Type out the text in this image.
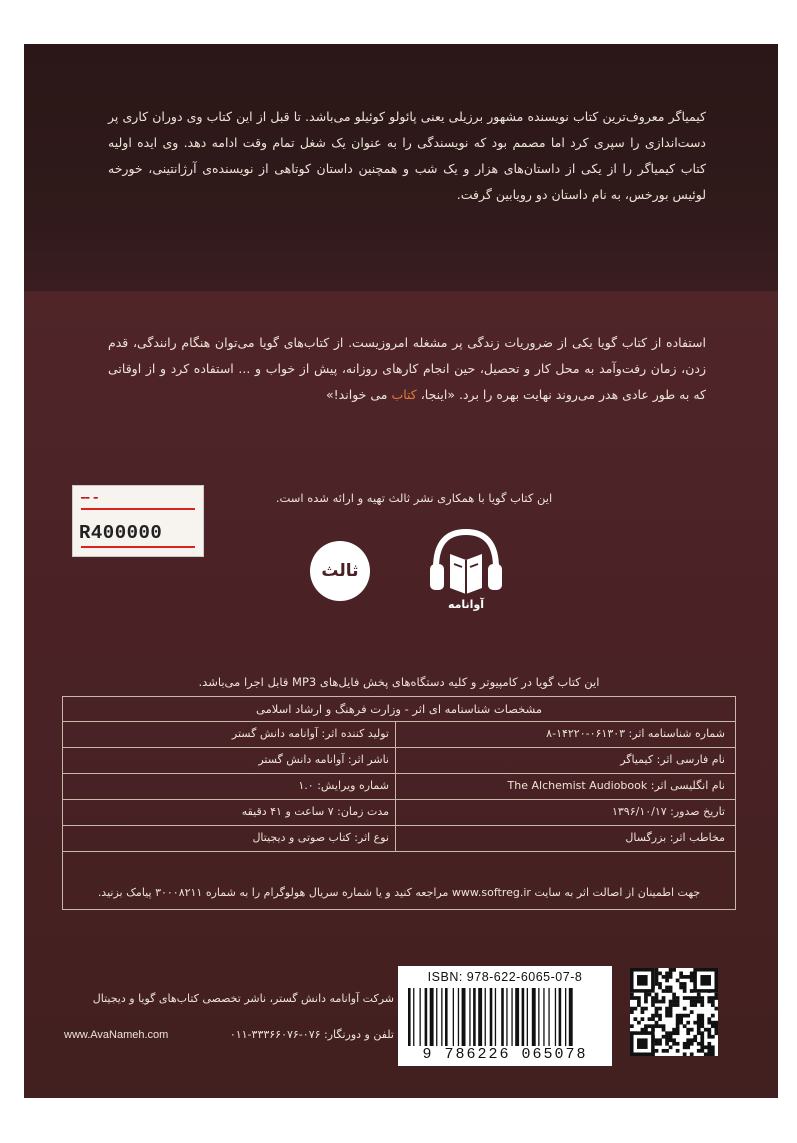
کیمیاگر معروف‌ترین کتاب نویسنده مشهور برزیلی یعنی پائولو کوئیلو می‌باشد. تا قبل از این کتاب وی دوران کاری پر دست‌اندازی را سپری کرد اما مصمم بود که نویسندگی را به عنوان یک شغل تمام وقت ادامه دهد. وی ایده اولیه کتاب کیمیاگر را از یکی از داستان‌های هزار و یک شب و همچنین داستان کوتاهی از نویسنده‌ی آرژانتینی، خورخه لوئیس بورخس، به نام داستان دو رویابین گرفت.

استفاده از کتاب گویا یکی از ضروریات زندگی پر مشغله امروزیست. از کتاب‌های گویا می‌توان هنگام رانندگی، قدم زدن، زمان رفت‌وآمد به محل کار و تحصیل، حین انجام کارهای روزانه، پیش از خواب و ... استفاده کرد و از اوقاتی که به طور عادی هدر می‌روند نهایت بهره را برد. «اینجا، کتاب می خواند!»

این کتاب گویا با همکاری نشر ثالث تهیه و ارائه شده است.
▬▬ ▬
R400000
آوانامه
ثالث
این کتاب گویا در کامپیوتر و کلیه دستگاه‌های پخش فایل‌های MP3 قابل اجرا می‌باشد.
مشخصات شناسنامه ای اثر - وزارت فرهنگ و ارشاد اسلامی
شماره شناسنامه اثر: ۰۶۱۳۰۳-۱۴۲۲۰-۸
تولید کننده اثر: آوانامه دانش گستر
نام فارسی اثر: کیمیاگر
ناشر اثر: آوانامه دانش گستر
نام انگلیسی اثر: The Alchemist Audiobook
شماره ویرایش: ۱.۰
تاریخ صدور: ۱۳۹۶/۱۰/۱۷
مدت زمان: ۷ ساعت و ۴۱ دقیقه
مخاطب اثر: بزرگسال
نوع اثر: کتاب صوتی و دیجیتال
جهت اطمینان از اصالت اثر به سایت www.softreg.ir مراجعه کنید و یا شماره سریال هولوگرام را به شماره ۳۰۰۰۸۲۱۱ پیامک بزنید.
شرکت آوانامه دانش گستر، ناشر تخصصی کتاب‌های گویا و دیجیتال
تلفن و دورنگار: ۰۷۶-۳۳۳۶۶۰۷۶-۰۱۱
www.AvaNameh.com
ISBN: 978-622-6065-07-8
9 786226 065078
